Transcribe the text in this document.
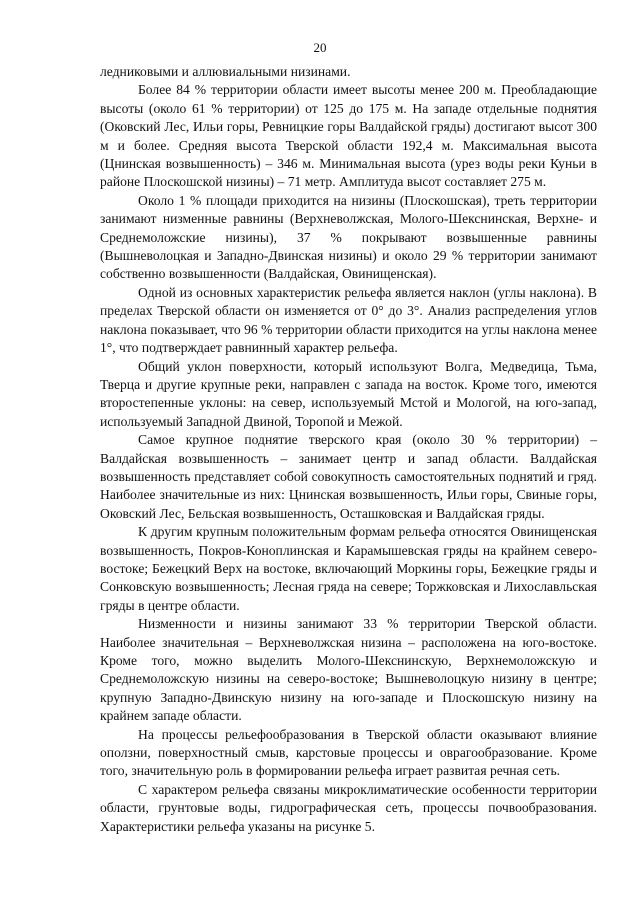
20

ледниковыми и аллювиальными низинами.

Более 84 % территории области имеет высоты менее 200 м. Преобладающие высоты (около 61 % территории) от 125 до 175 м. На западе отдельные поднятия (Оковский Лес, Ильи горы, Ревницкие горы Валдайской гряды) достигают высот 300 м и более. Средняя высота Тверской области 192,4 м. Максимальная высота (Цнинская возвышенность) – 346 м. Минимальная высота (урез воды реки Куньи в районе Плоскошской низины) – 71 метр. Амплитуда высот составляет 275 м.

Около 1 % площади приходится на низины (Плоскошская), треть территории занимают низменные равнины (Верхневолжская, Молого-Шекснинская, Верхне- и Среднемоложские низины), 37 % покрывают возвышенные равнины (Вышневолоцкая и Западно-Двинская низины) и около 29 % территории занимают собственно возвышенности (Валдайская, Овинищенская).

Одной из основных характеристик рельефа является наклон (углы наклона). В пределах Тверской области он изменяется от 0° до 3°. Анализ распределения углов наклона показывает, что 96 % территории области приходится на углы наклона менее 1°, что подтверждает равнинный характер рельефа.

Общий уклон поверхности, который используют Волга, Медведица, Тьма, Тверца и другие крупные реки, направлен с запада на восток. Кроме того, имеются второстепенные уклоны: на север, используемый Мстой и Мологой, на юго-запад, используемый Западной Двиной, Торопой и Межой.

Самое крупное поднятие тверского края (около 30 % территории) – Валдайская возвышенность – занимает центр и запад области. Валдайская возвышенность представляет собой совокупность самостоятельных поднятий и гряд. Наиболее значительные из них: Цнинская возвышенность, Ильи горы, Свиные горы, Оковский Лес, Бельская возвышенность, Осташковская и Валдайская гряды.

К другим крупным положительным формам рельефа относятся Овинищенская возвышенность, Покров-Коноплинская и Карамышевская гряды на крайнем северо-востоке; Бежецкий Верх на востоке, включающий Моркины горы, Бежецкие гряды и Сонковскую возвышенность; Лесная гряда на севере; Торжковская и Лихославльская гряды в центре области.

Низменности и низины занимают 33 % территории Тверской области. Наиболее значительная – Верхневолжская низина – расположена на юго-востоке. Кроме того, можно выделить Молого-Шекснинскую, Верхнемоложскую и Среднемоложскую низины на северо-востоке; Вышневолоцкую низину в центре; крупную Западно-Двинскую низину на юго-западе и Плоскошскую низину на крайнем западе области.

На процессы рельефообразования в Тверской области оказывают влияние оползни, поверхностный смыв, карстовые процессы и оврагообразование. Кроме того, значительную роль в формировании рельефа играет развитая речная сеть.

С характером рельефа связаны микроклиматические особенности территории области, грунтовые воды, гидрографическая сеть, процессы почвообразования. Характеристики рельефа указаны на рисунке 5.
